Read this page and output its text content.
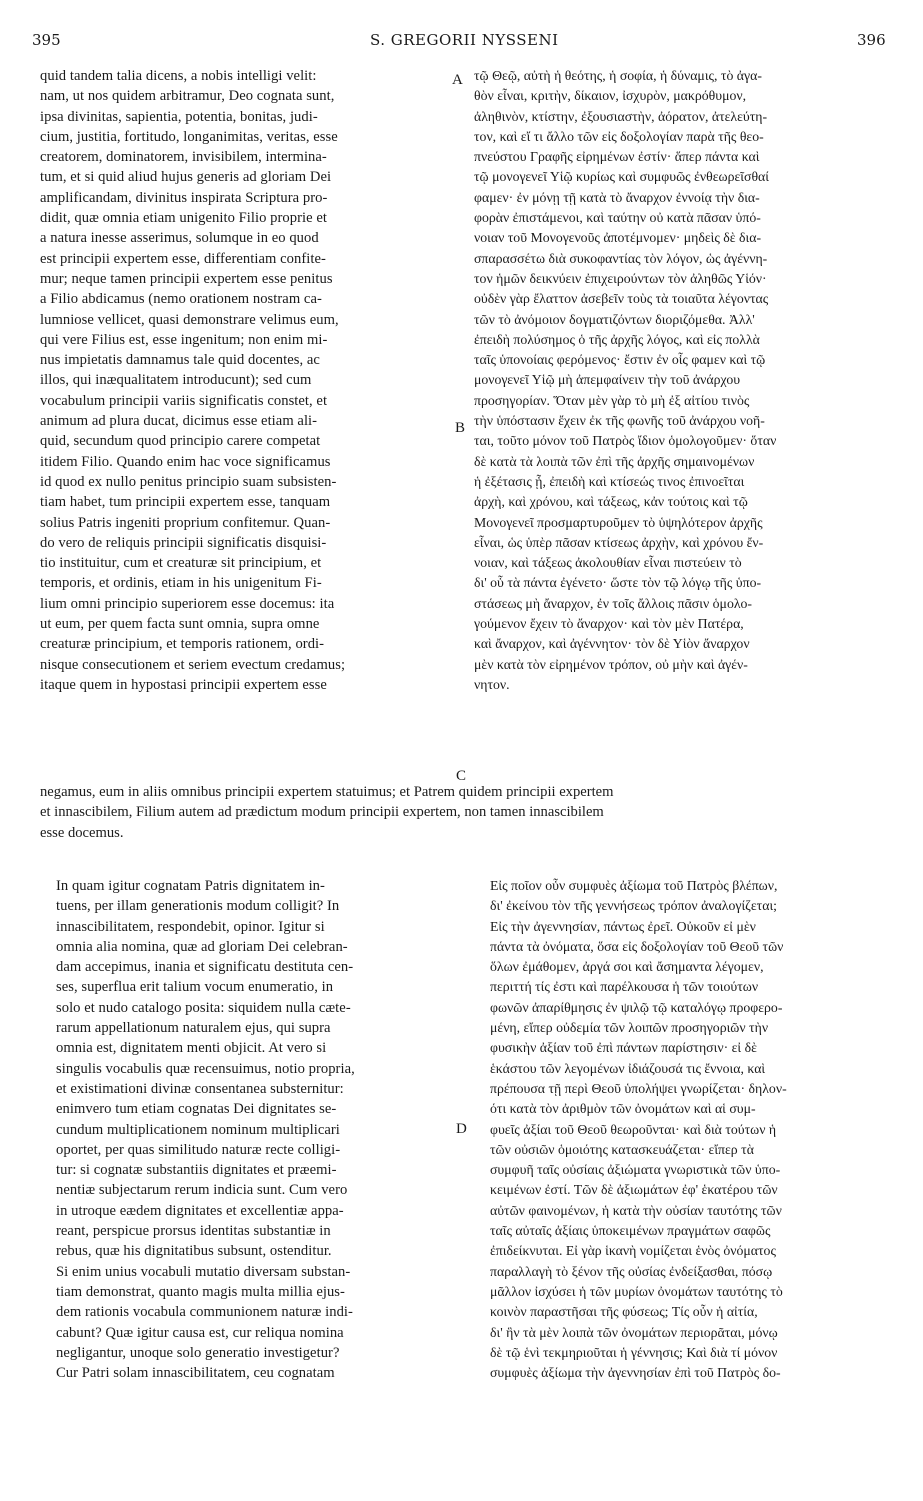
395	S. GREGORII NYSSENI	396
A
B
C
D
quid tandem talia dicens, a nobis intelligi velit:
nam, ut nos quidem arbitramur, Deo cognata sunt,
ipsa divinitas, sapientia, potentia, bonitas, judi-
cium, justitia, fortitudo, longanimitas, veritas, esse
creatorem, dominatorem, invisibilem, intermina-
tum, et si quid aliud hujus generis ad gloriam Dei
amplificandam, divinitus inspirata Scriptura pro-
didit, quæ omnia etiam unigenito Filio proprie et
a natura inesse asserimus, solumque in eo quod
est principii expertem esse, differentiam confite-
mur; neque tamen principii expertem esse penitus
a Filio abdicamus (nemo orationem nostram ca-
lumniose vellicet, quasi demonstrare velimus eum,
qui vere Filius est, esse ingenitum; non enim mi-
nus impietatis damnamus tale quid docentes, ac
illos, qui inæqualitatem introducunt); sed cum
vocabulum principii variis significatis constet, et
animum ad plura ducat, dicimus esse etiam ali-
quid, secundum quod principio carere competat
itidem Filio. Quando enim hac voce significamus
id quod ex nullo penitus principio suam subsisten-
tiam habet, tum principii expertem esse, tanquam
solius Patris ingeniti proprium confitemur. Quan-
do vero de reliquis principii significatis disquisi-
tio instituitur, cum et creaturæ sit principium, et
temporis, et ordinis, etiam in his unigenitum Fi-
lium omni principio superiorem esse docemus: ita
ut eum, per quem facta sunt omnia, supra omne
creaturæ principium, et temporis rationem, ordi-
nisque consecutionem et seriem evectum credamus;
itaque quem in hypostasi principii expertem esse
τῷ Θεῷ, αὐτὴ ἡ θεότης, ἡ σοφία, ἡ δύναμις, τὸ ἀγα-
θὸν εἶναι, κριτὴν, δίκαιον, ἰσχυρὸν, μακρόθυμον,
ἀληθινὸν, κτίστην, ἐξουσιαστὴν, ἀόρατον, ἀτελεύτη-
τον, καὶ εἴ τι ἄλλο τῶν εἰς δοξολογίαν παρὰ τῆς θεο-
πνεύστου Γραφῆς εἰρημένων ἐστίν· ἅπερ πάντα καὶ
τῷ μονογενεῖ Υἱῷ κυρίως καὶ συμφυῶς ἐνθεωρεῖσθαί
φαμεν· ἐν μόνῃ τῇ κατὰ τὸ ἄναρχον ἐννοίᾳ τὴν δια-
φορὰν ἐπιστάμενοι, καὶ ταύτην οὐ κατὰ πᾶσαν ὑπό-
νοιαν τοῦ Μονογενοῦς ἀποτέμνομεν· μηδεὶς δὲ δια-
σπαρασσέτω διὰ συκοφαντίας τὸν λόγον, ὡς ἀγέννη-
τον ἡμῶν δεικνύειν ἐπιχειρούντων τὸν ἀληθῶς Υἱόν·
οὐδὲν γὰρ ἔλαττον ἀσεβεῖν τοὺς τὰ τοιαῦτα λέγοντας
τῶν τὸ ἀνόμοιον δογματιζόντων διοριζόμεθα. Ἀλλ'
ἐπειδὴ πολύσημος ὁ τῆς ἀρχῆς λόγος, καὶ εἰς πολλὰ
ταῖς ὑπονοίαις φερόμενος· ἔστιν ἐν οἷς φαμεν καὶ τῷ
μονογενεῖ Υἱῷ μὴ ἀπεμφαίνειν τὴν τοῦ ἀνάρχου
προσηγορίαν. Ὅταν μὲν γὰρ τὸ μὴ ἐξ αἰτίου τινὸς
τὴν ὑπόστασιν ἔχειν ἐκ τῆς φωνῆς τοῦ ἀνάρχου νοῆ-
ται, τοῦτο μόνον τοῦ Πατρὸς ἴδιον ὁμολογοῦμεν· ὅταν
δὲ κατὰ τὰ λοιπὰ τῶν ἐπὶ τῆς ἀρχῆς σημαινομένων
ἡ ἐξέτασις ᾖ, ἐπειδὴ καὶ κτίσεώς τινος ἐπινοεῖται
ἀρχὴ, καὶ χρόνου, καὶ τάξεως, κἀν τούτοις καὶ τῷ
Μονογενεῖ προσμαρτυροῦμεν τὸ ὑψηλότερον ἀρχῆς
εἶναι, ὡς ὑπὲρ πᾶσαν κτίσεως ἀρχὴν, καὶ χρόνου ἔν-
νοιαν, καὶ τάξεως ἀκολουθίαν εἶναι πιστεύειν τὸ
δι' οὗ τὰ πάντα ἐγένετο· ὥστε τὸν τῷ λόγῳ τῆς ὑπο-
στάσεως μὴ ἄναρχον, ἐν τοῖς ἄλλοις πᾶσιν ὁμολο-
γούμενον ἔχειν τὸ ἄναρχον· καὶ τὸν μὲν Πατέρα,
καὶ ἄναρχον, καὶ ἀγέννητον· τὸν δὲ Υἱὸν ἄναρχον
μὲν κατὰ τὸν εἰρημένον τρόπον, οὐ μὴν καὶ ἀγέν-
νητον.
negamus, eum in aliis omnibus principii expertem statuimus; et Patrem quidem principii expertem
et innascibilem, Filium autem ad prædictum modum principii expertem, non tamen innascibilem
esse docemus.
In quam igitur cognatam Patris dignitatem in-
tuens, per illam generationis modum colligit? In
innascibilitatem, respondebit, opinor. Igitur si
omnia alia nomina, quæ ad gloriam Dei celebran-
dam accepimus, inania et significatu destituta cen-
ses, superflua erit talium vocum enumeratio, in
solo et nudo catalogo posita: siquidem nulla cæte-
rarum appellationum naturalem ejus, qui supra
omnia est, dignitatem menti objicit. At vero si
singulis vocabulis quæ recensuimus, notio propria,
et existimationi divinæ consentanea substernitur:
enimvero tum etiam cognatas Dei dignitates se-
cundum multiplicationem nominum multiplicari
oportet, per quas similitudo naturæ recte colligi-
tur: si cognatæ substantiis dignitates et præemi-
nentiæ subjectarum rerum indicia sunt. Cum vero
in utroque eædem dignitates et excellentiæ appa-
reant, perspicue prorsus identitas substantiæ in
rebus, quæ his dignitatibus subsunt, ostenditur.
Si enim unius vocabuli mutatio diversam substan-
tiam demonstrat, quanto magis multa millia ejus-
dem rationis vocabula communionem naturæ indi-
cabunt? Quæ igitur causa est, cur reliqua nomina
negligantur, unoque solo generatio investigetur?
Cur Patri solam innascibilitatem, ceu cognatam
Εἰς ποῖον οὖν συμφυὲς ἀξίωμα τοῦ Πατρὸς βλέπων,
δι' ἐκείνου τὸν τῆς γεννήσεως τρόπον ἀναλογίζεται;
Εἰς τὴν ἀγεννησίαν, πάντως ἐρεῖ. Οὐκοῦν εἰ μὲν
πάντα τὰ ὀνόματα, ὅσα εἰς δοξολογίαν τοῦ Θεοῦ τῶν
ὅλων ἐμάθομεν, ἀργά σοι καὶ ἄσημαντα λέγομεν,
περιττή τίς ἐστι καὶ παρέλκουσα ἡ τῶν τοιούτων
φωνῶν ἀπαρίθμησις ἐν ψιλῷ τῷ καταλόγῳ προφερο-
μένη, εἴπερ οὐδεμία τῶν λοιπῶν προσηγοριῶν τὴν
φυσικὴν ἀξίαν τοῦ ἐπὶ πάντων παρίστησιν· εἰ δὲ
ἑκάστου τῶν λεγομένων ἰδιάζουσά τις ἔννοια, καὶ
πρέπουσα τῇ περὶ Θεοῦ ὑπολήψει γνωρίζεται· δηλον-
ότι κατὰ τὸν ἀριθμὸν τῶν ὀνομάτων καὶ αἱ συμ-
φυεῖς ἀξίαι τοῦ Θεοῦ θεωροῦνται· καὶ διὰ τούτων ἡ
τῶν οὐσιῶν ὁμοιότης κατασκευάζεται· εἴπερ τὰ
συμφυῆ ταῖς οὐσίαις ἀξιώματα γνωριστικὰ τῶν ὑπο-
κειμένων ἐστί. Τῶν δὲ ἀξιωμάτων ἐφ' ἑκατέρου τῶν
αὐτῶν φαινομένων, ἡ κατὰ τὴν οὐσίαν ταυτότης τῶν
ταῖς αὐταῖς ἀξίαις ὑποκειμένων πραγμάτων σαφῶς
ἐπιδείκνυται. Εἰ γὰρ ἱκανὴ νομίζεται ἑνὸς ὀνόματος
παραλλαγὴ τὸ ξένον τῆς οὐσίας ἐνδείξασθαι, πόσῳ
μᾶλλον ἰσχύσει ἡ τῶν μυρίων ὀνομάτων ταυτότης τὸ
κοινὸν παραστῆσαι τῆς φύσεως; Τίς οὖν ἡ αἰτία,
δι' ἣν τὰ μὲν λοιπὰ τῶν ὀνομάτων περιορᾶται, μόνῳ
δὲ τῷ ἑνὶ τεκμηριοῦται ἡ γέννησις; Καὶ διὰ τί μόνον
συμφυὲς ἀξίωμα τὴν ἀγεννησίαν ἐπὶ τοῦ Πατρὸς δο-
